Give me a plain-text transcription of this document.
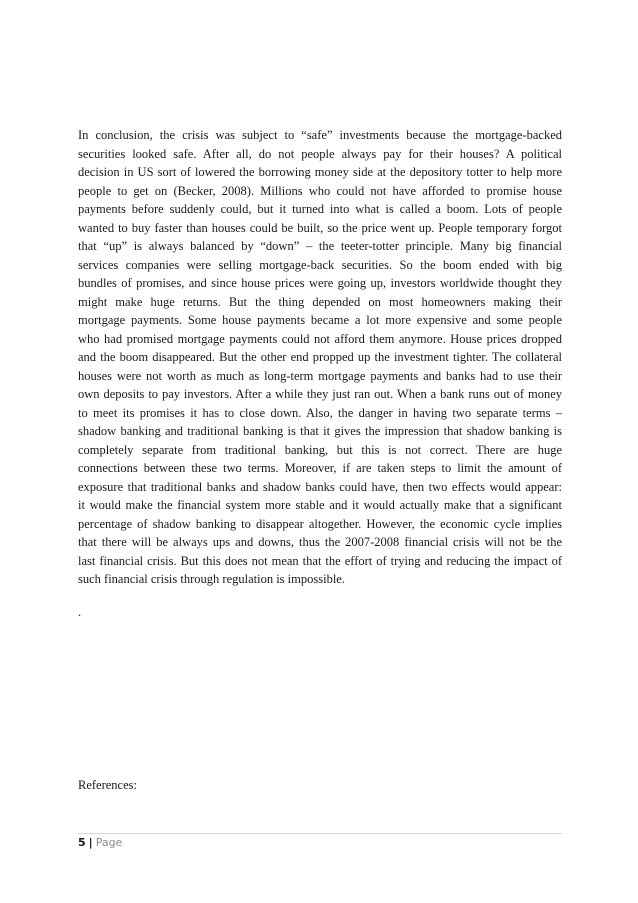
In conclusion, the crisis was subject to “safe” investments because the mortgage-backed
securities looked safe. After all, do not people always pay for their houses? A political
decision in US sort of lowered the borrowing money side at the depository totter to help more
people to get on (Becker, 2008). Millions who could not have afforded to promise house
payments before suddenly could, but it turned into what is called a boom. Lots of people
wanted to buy faster than houses could be built, so the price went up. People temporary forgot
that “up” is always balanced by “down” – the teeter-totter principle. Many big financial
services companies were selling mortgage-back securities. So the boom ended with big
bundles of promises, and since house prices were going up, investors worldwide thought they
might make huge returns. But the thing depended on most homeowners making their
mortgage payments. Some house payments became a lot more expensive and some people
who had promised mortgage payments could not afford them anymore. House prices dropped
and the boom disappeared. But the other end propped up the investment tighter. The collateral
houses were not worth as much as long-term mortgage payments and banks had to use their
own deposits to pay investors. After a while they just ran out. When a bank runs out of money
to meet its promises it has to close down. Also, the danger in having two separate terms –
shadow banking and traditional banking is that it gives the impression that shadow banking is
completely separate from traditional banking, but this is not correct. There are huge
connections between these two terms. Moreover, if are taken steps to limit the amount of
exposure that traditional banks and shadow banks could have, then two effects would appear:
it would make the financial system more stable and it would actually make that a significant
percentage of shadow banking to disappear altogether. However, the economic cycle implies
that there will be always ups and downs, thus the 2007-2008 financial crisis will not be the
last financial crisis. But this does not mean that the effort of trying and reducing the impact of
such financial crisis through regulation is impossible.

.

References:

5 | Page
